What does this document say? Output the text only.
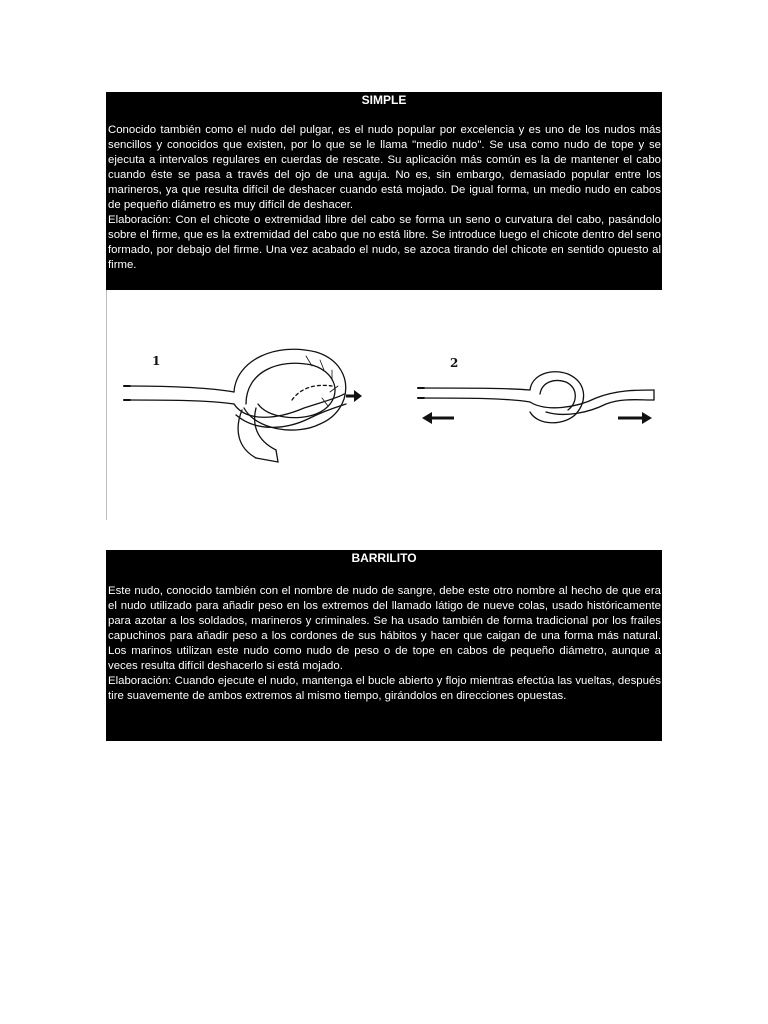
SIMPLE

Conocido también como el nudo del pulgar, es el nudo popular por excelencia y es uno de los nudos más sencillos y conocidos que existen, por lo que se le llama "medio nudo". Se usa como nudo de tope y se ejecuta a intervalos regulares en cuerdas de rescate. Su aplicación más común es la de mantener el cabo cuando éste se pasa a través del ojo de una aguja. No es, sin embargo, demasiado popular entre los marineros, ya que resulta difícil de deshacer cuando está mojado. De igual forma, un medio nudo en cabos de pequeño diámetro es muy difícil de deshacer.

Elaboración: Con el chicote o extremidad libre del cabo se forma un seno o curvatura del cabo, pasándolo sobre el firme, que es la extremidad del cabo que no está libre. Se introduce luego el chicote dentro del seno formado, por debajo del firme. Una vez acabado el nudo, se azoca tirando del chicote en sentido opuesto al firme.

1	2
BARRILITO

Este nudo, conocido también con el nombre de nudo de sangre, debe este otro nombre al hecho de que era el nudo utilizado para añadir peso en los extremos del llamado látigo de nueve colas, usado históricamente para azotar a los soldados, marineros y criminales. Se ha usado también de forma tradicional por los frailes capuchinos para añadir peso a los cordones de sus hábitos y hacer que caigan de una forma más natural. Los marinos utilizan este nudo como nudo de peso o de tope en cabos de pequeño diámetro, aunque a veces resulta difícil deshacerlo si está mojado.

Elaboración: Cuando ejecute el nudo, mantenga el bucle abierto y flojo mientras efectúa las vueltas, después tire suavemente de ambos extremos al mismo tiempo, girándolos en direcciones opuestas.
